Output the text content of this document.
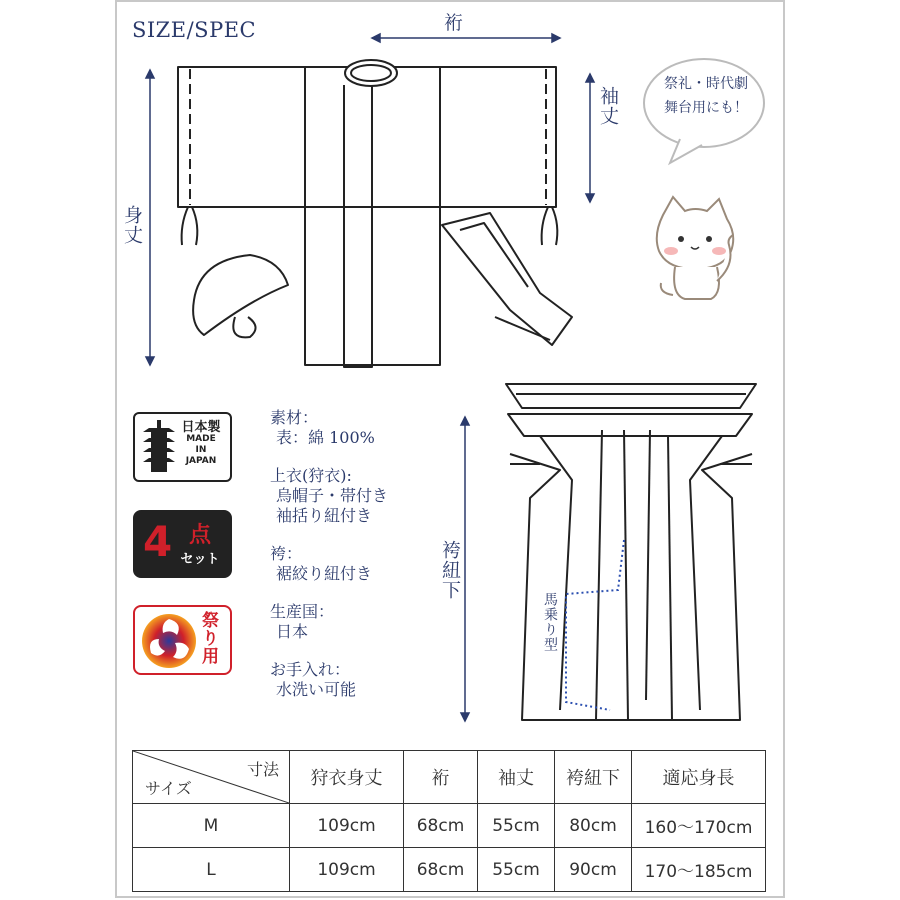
SIZE/SPEC	裄
袖丈
身丈
祭礼・時代劇
舞台用にも！
日本製
MADE
IN
JAPAN
4 点
セット
祭り用
素材：
表：綿 100%
上衣(狩衣):
烏帽子・帯付き
袖括り紐付き
袴：
裾絞り紐付き
生産国：
日本
お手入れ：
水洗い可能
袴紐下
馬乗り型
寸法
サイズ	狩衣身丈	裄	袖丈	袴紐下	適応身長
M	109cm	68cm	55cm	80cm	160～170cm
L	109cm	68cm	55cm	90cm	170～185cm
